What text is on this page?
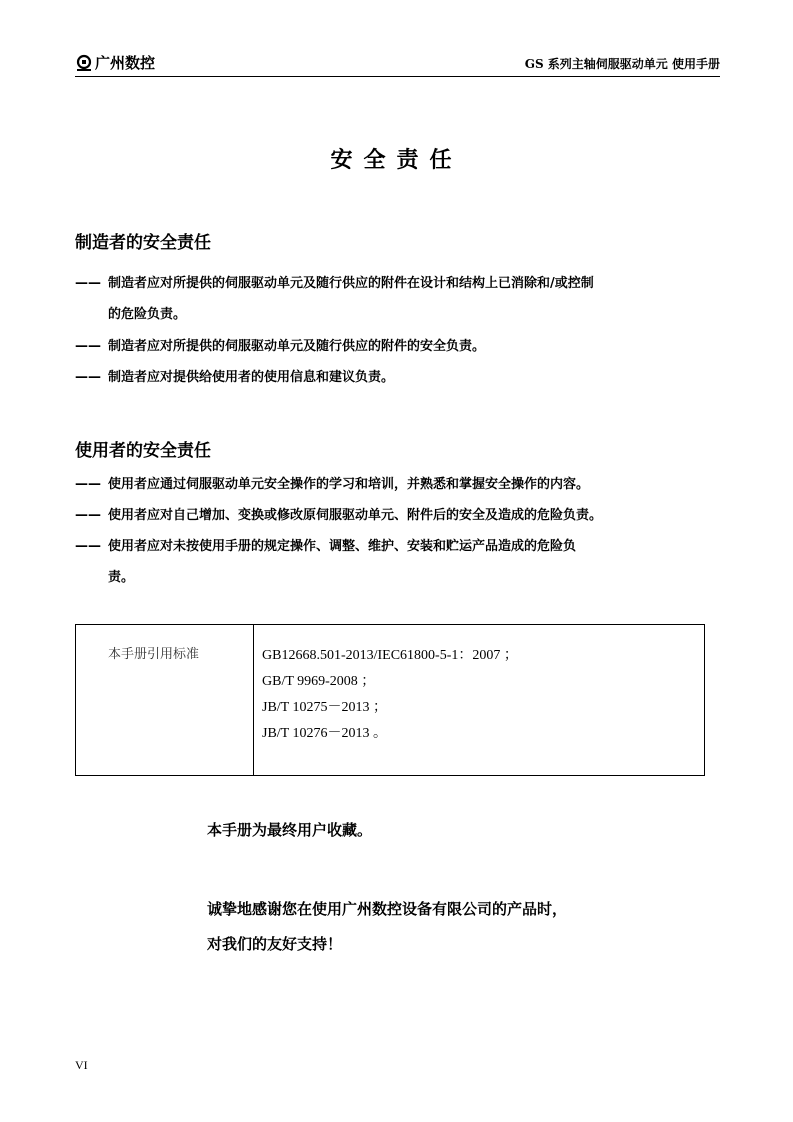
广州数控	GS 系列主轴伺服驱动单元 使用手册
安全责任
制造者的安全责任
—— 制造者应对所提供的伺服驱动单元及随行供应的附件在设计和结构上已消除和/或控制
的危险负责。
—— 制造者应对所提供的伺服驱动单元及随行供应的附件的安全负责。
—— 制造者应对提供给使用者的使用信息和建议负责。
使用者的安全责任
—— 使用者应通过伺服驱动单元安全操作的学习和培训，并熟悉和掌握安全操作的内容。
—— 使用者应对自己增加、变换或修改原伺服驱动单元、附件后的安全及造成的危险负责。
—— 使用者应对未按使用手册的规定操作、调整、维护、安装和贮运产品造成的危险负
责。
本手册引用标准	GB12668.501-2013/IEC61800-5-1：2007 ；
GB/T 9969-2008 ；
JB/T 10275－2013 ；
JB/T 10276－2013 。
本手册为最终用户收藏。
诚挚地感谢您在使用广州数控设备有限公司的产品时，
对我们的友好支持！
VI
